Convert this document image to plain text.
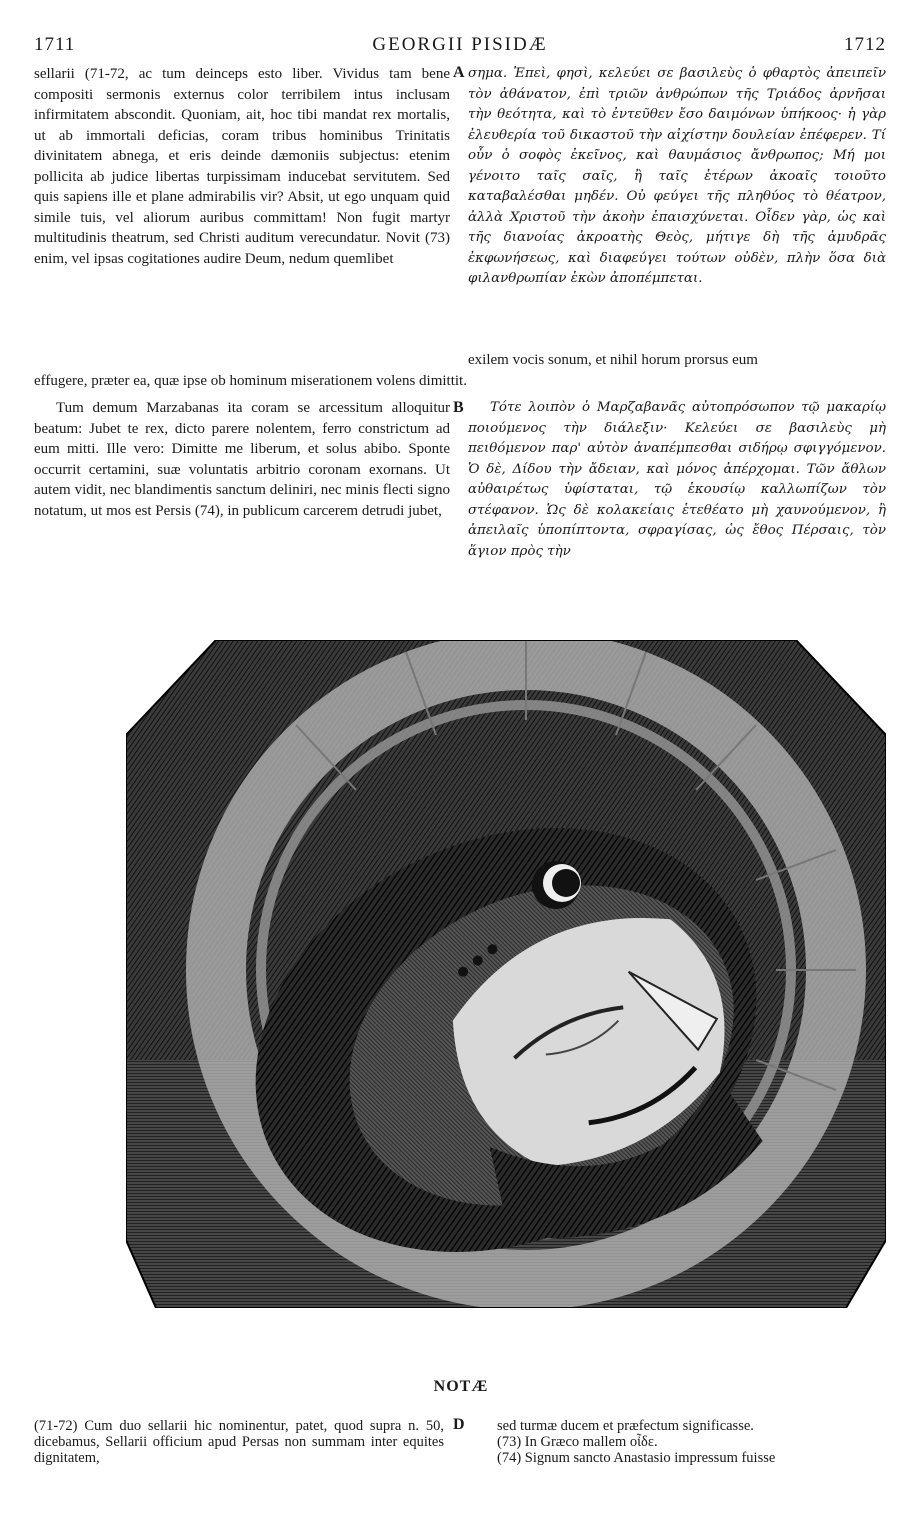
1711	GEORGII PISIDÆ	1712

sellarii (71-72, ac tum deinceps esto liber. Vividus tam bene compositi sermonis externus color terribilem intus inclusam infirmitatem abscondit. Quoniam, ait, hoc tibi mandat rex mortalis, ut ab immortali deficias, coram tribus hominibus Trinitatis divinitatem abnega, et eris deinde dæmoniis subjectus: etenim pollicita ab judice libertas turpissimam inducebat servitutem. Sed quis sapiens ille et plane admirabilis vir? Absit, ut ego unquam quid simile tuis, vel aliorum auribus committam! Non fugit martyr multitudinis theatrum, sed Christi auditum verecundatur. Novit (73) enim, vel ipsas cogitationes audire Deum, nedum quemlibet

σημα. Ἐπεὶ, φησὶ, κελεύει σε βασιλεὺς ὁ φθαρτὸς ἀπειπεῖν τὸν ἀθάνατον, ἐπὶ τριῶν ἀνθρώπων τῆς Τριάδος ἀρνῆσαι τὴν θεότητα, καὶ τὸ ἐντεῦθεν ἔσο δαιμόνων ὑπήκοος· ἡ γὰρ ἐλευθερία τοῦ δικαστοῦ τὴν αἰχίστην δουλείαν ἐπέφερεν. Τί οὖν ὁ σοφὸς ἐκεῖνος, καὶ θαυμάσιος ἄνθρωπος; Μή μοι γένοιτο ταῖς σαῖς, ἢ ταῖς ἑτέρων ἀκοαῖς τοιοῦτο καταβαλέσθαι μηδέν. Οὐ φεύγει τῆς πληθύος τὸ θέατρον, ἀλλὰ Χριστοῦ τὴν ἀκοὴν ἐπαισχύνεται. Οἶδεν γὰρ, ὡς καὶ τῆς διανοίας ἀκροατὴς Θεὸς, μήτιγε δὴ τῆς ἀμυδρᾶς ἐκφωνήσεως, καὶ διαφεύγει τούτων οὐδὲν, πλὴν ὅσα διὰ φιλανθρωπίαν ἑκὼν ἀποπέμπεται.

exilem vocis sonum, et nihil horum prorsus eum

effugere, præter ea, quæ ipse ob hominum miserationem volens dimittit.

Tum demum Marzabanas ita coram se arcessitum alloquitur beatum: Jubet te rex, dicto parere nolentem, ferro constrictum ad eum mitti. Ille vero: Dimitte me liberum, et solus abibo. Sponte occurrit certamini, suæ voluntatis arbitrio coronam exornans. Ut autem vidit, nec blandimentis sanctum deliniri, nec minis flecti signo notatum, ut mos est Persis (74), in publicum carcerem detrudi jubet,

Τότε λοιπὸν ὁ Μαρζαβανᾶς αὐτοπρόσωπον τῷ μακαρίῳ ποιούμενος τὴν διάλεξιν· Κελεύει σε βασιλεὺς μὴ πειθόμενον παρ' αὐτὸν ἀναπέμπεσθαι σιδήρῳ σφιγγόμενον. Ὁ δὲ, Δίδου τὴν ἄδειαν, καὶ μόνος ἀπέρχομαι. Τῶν ἄθλων αὐθαιρέτως ὑφίσταται, τῷ ἑκουσίῳ καλλωπίζων τὸν στέφανον. Ὡς δὲ κολακείαις ἑτεθέατο μὴ χαυνούμενον, ἢ ἀπειλαῖς ὑποπίπτοντα, σφραγίσας, ὡς ἔθος Πέρσαις, τὸν ἅγιον πρὸς τὴν

A
B
D
NOTÆ

(71-72) Cum duo sellarii hic nominentur, patet, quod supra n. 50, dicebamus, Sellarii officium apud Persas non summam inter equites dignitatem,

sed turmæ ducem et præfectum significasse.

(73) In Græco mallem οἶδε.

(74) Signum sancto Anastasio impressum fuisse
